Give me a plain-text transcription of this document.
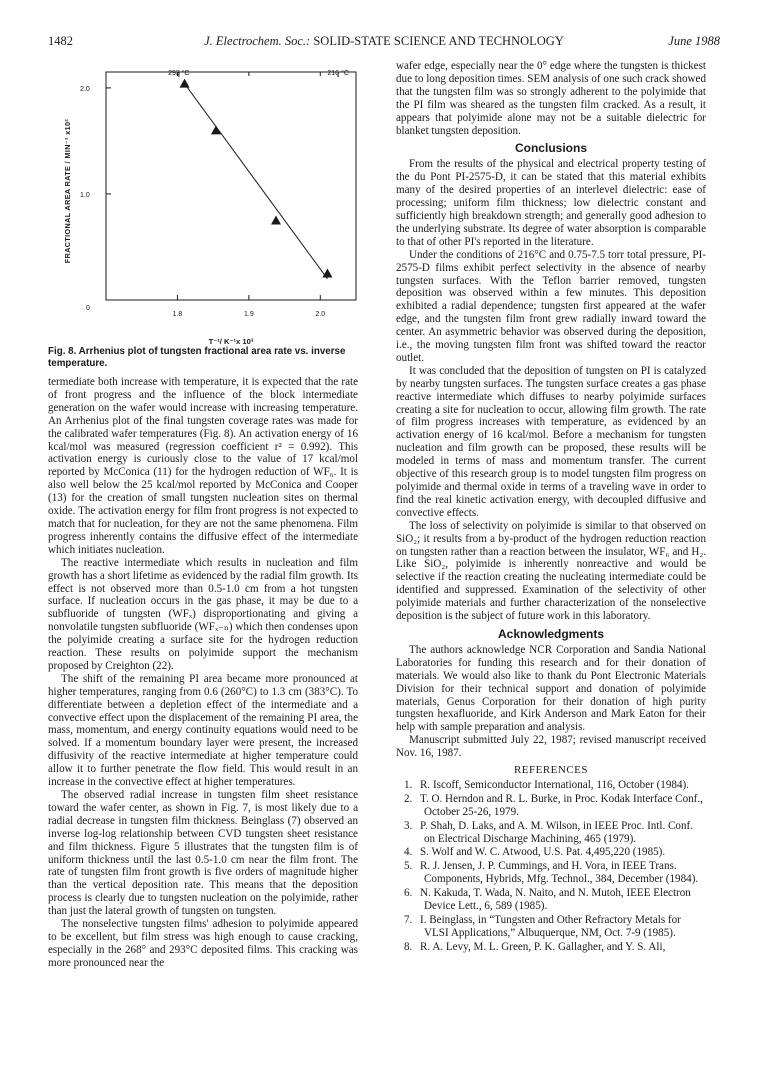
1482	J. Electrochem. Soc.: SOLID-STATE SCIENCE AND TECHNOLOGY	June 1988
1.8	1.9	2.0
0
1.0
2.0
293 °C	216 °C
FRACTIONAL AREA RATE / MIN⁻¹ x10²
T⁻¹/ K⁻¹x 10³
Fig. 8. Arrhenius plot of tungsten fractional area rate vs. inverse temperature.

termediate both increase with temperature, it is expected that the rate of front progress and the influence of the block intermediate generation on the wafer would increase with increasing temperature. An Arrhenius plot of the final tungsten coverage rates was made for the calibrated wafer temperatures (Fig. 8). An activation energy of 16 kcal/mol was measured (regression coefficient r² = 0.992). This activation energy is curiously close to the value of 17 kcal/mol reported by McConica (11) for the hydrogen reduction of WF₆. It is also well below the 25 kcal/mol reported by McConica and Cooper (13) for the creation of small tungsten nucleation sites on thermal oxide. The activation energy for film front progress is not expected to match that for nucleation, for they are not the same phenomena. Film progress inherently contains the diffusive effect of the intermediate which initiates nucleation.

The reactive intermediate which results in nucleation and film growth has a short lifetime as evidenced by the radial film growth. Its effect is not observed more than 0.5-1.0 cm from a hot tungsten surface. If nucleation occurs in the gas phase, it may be due to a subfluoride of tungsten (WFₓ) disproportionating and giving a nonvolatile tungsten subfluoride (WFₓ₋ₙ) which then condenses upon the polyimide creating a surface site for the hydrogen reduction reaction. These results on polyimide support the mechanism proposed by Creighton (22).

The shift of the remaining PI area became more pronounced at higher temperatures, ranging from 0.6 (260°C) to 1.3 cm (383°C). To differentiate between a depletion effect of the intermediate and a convective effect upon the displacement of the remaining PI area, the mass, momentum, and energy continuity equations would need to be solved. If a momentum boundary layer were present, the increased diffusivity of the reactive intermediate at higher temperature could allow it to further penetrate the flow field. This would result in an increase in the convective effect at higher temperatures.

The observed radial increase in tungsten film sheet resistance toward the wafer center, as shown in Fig. 7, is most likely due to a radial decrease in tungsten film thickness. Beinglass (7) observed an inverse log-log relationship between CVD tungsten sheet resistance and film thickness. Figure 5 illustrates that the tungsten film is of uniform thickness until the last 0.5-1.0 cm near the film front. The rate of tungsten film front growth is five orders of magnitude higher than the vertical deposition rate. This means that the deposition process is clearly due to tungsten nucleation on the polyimide, rather than just the lateral growth of tungsten on tungsten.

The nonselective tungsten films' adhesion to polyimide appeared to be excellent, but film stress was high enough to cause cracking, especially in the 268° and 293°C deposited films. This cracking was more pronounced near the

wafer edge, especially near the 0° edge where the tungsten is thickest due to long deposition times. SEM analysis of one such crack showed that the tungsten film was so strongly adherent to the polyimide that the PI film was sheared as the tungsten film cracked. As a result, it appears that polyimide alone may not be a suitable dielectric for blanket tungsten deposition.

Conclusions

From the results of the physical and electrical property testing of the du Pont PI-2575-D, it can be stated that this material exhibits many of the desired properties of an interlevel dielectric: ease of processing; uniform film thickness; low dielectric constant and sufficiently high breakdown strength; and generally good adhesion to the underlying substrate. Its degree of water absorption is comparable to that of other PI's reported in the literature.

Under the conditions of 216°C and 0.75-7.5 torr total pressure, PI-2575-D films exhibit perfect selectivity in the absence of nearby tungsten surfaces. With the Teflon barrier removed, tungsten deposition was observed within a few minutes. This deposition exhibited a radial dependence; tungsten first appeared at the wafer edge, and the tungsten film front grew radially inward toward the center. An asymmetric behavior was observed during the deposition, i.e., the moving tungsten film front was shifted toward the reactor outlet.

It was concluded that the deposition of tungsten on PI is catalyzed by nearby tungsten surfaces. The tungsten surface creates a gas phase reactive intermediate which diffuses to nearby polyimide surfaces creating a site for nucleation to occur, allowing film growth. The rate of film progress increases with temperature, as evidenced by an activation energy of 16 kcal/mol. Before a mechanism for tungsten nucleation and film growth can be proposed, these results will be modeled in terms of mass and momentum transfer. The current objective of this research group is to model tungsten film progress on polyimide and thermal oxide in terms of a traveling wave in order to find the real kinetic activation energy, with decoupled diffusive and convective effects.

The loss of selectivity on polyimide is similar to that observed on SiO₂; it results from a by-product of the hydrogen reduction reaction on tungsten rather than a reaction between the insulator, WF₆ and H₂. Like SiO₂, polyimide is inherently nonreactive and would be selective if the reaction creating the nucleating intermediate could be identified and suppressed. Examination of the selectivity of other polyimide materials and further characterization of the nonselective deposition is the subject of future work in this laboratory.

Acknowledgments

The authors acknowledge NCR Corporation and Sandia National Laboratories for funding this research and for their donation of materials. We would also like to thank du Pont Electronic Materials Division for their technical support and donation of polyimide materials, Genus Corporation for their donation of high purity tungsten hexafluoride, and Kirk Anderson and Mark Eaton for their help with sample preparation and analysis.

Manuscript submitted July 22, 1987; revised manuscript received Nov. 16, 1987.

REFERENCES
1. R. Iscoff, Semiconductor International, 116, October (1984).
2. T. O. Herndon and R. L. Burke, in Proc. Kodak Interface Conf., October 25-26, 1979.
3. P. Shah, D. Laks, and A. M. Wilson, in IEEE Proc. Intl. Conf. on Electrical Discharge Machining, 465 (1979).
4. S. Wolf and W. C. Atwood, U.S. Pat. 4,495,220 (1985).
5. R. J. Jensen, J. P. Cummings, and H. Vora, in IEEE Trans. Components, Hybrids, Mfg. Technol., 384, December (1984).
6. N. Kakuda, T. Wada, N. Naito, and N. Mutoh, IEEE Electron Device Lett., 6, 589 (1985).
7. I. Beinglass, in “Tungsten and Other Refractory Metals for VLSI Applications,” Albuquerque, NM, Oct. 7-9 (1985).
8. R. A. Levy, M. L. Green, P. K. Gallagher, and Y. S. Ali,
